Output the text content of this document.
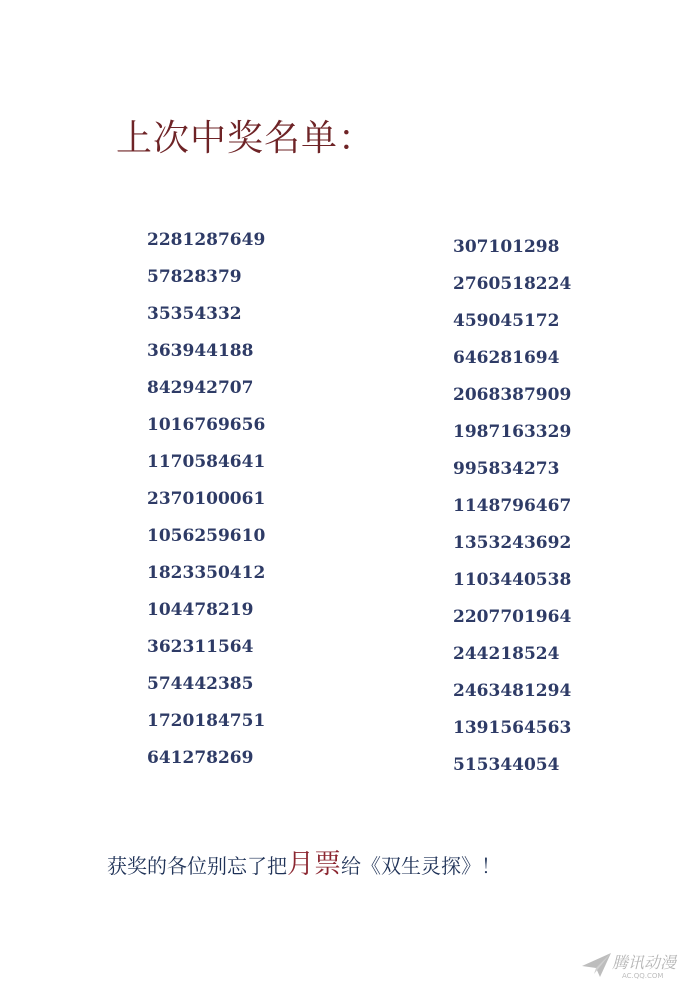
上次中奖名单：
2281287649
57828379
35354332
363944188
842942707
1016769656
1170584641
2370100061
1056259610
1823350412
104478219
362311564
574442385
1720184751
641278269
307101298
2760518224
459045172
646281694
2068387909
1987163329
995834273
1148796467
1353243692
1103440538
2207701964
244218524
2463481294
1391564563
515344054
获奖的各位别忘了把月票给《双生灵探》！
腾讯动漫
AC.QQ.COM
